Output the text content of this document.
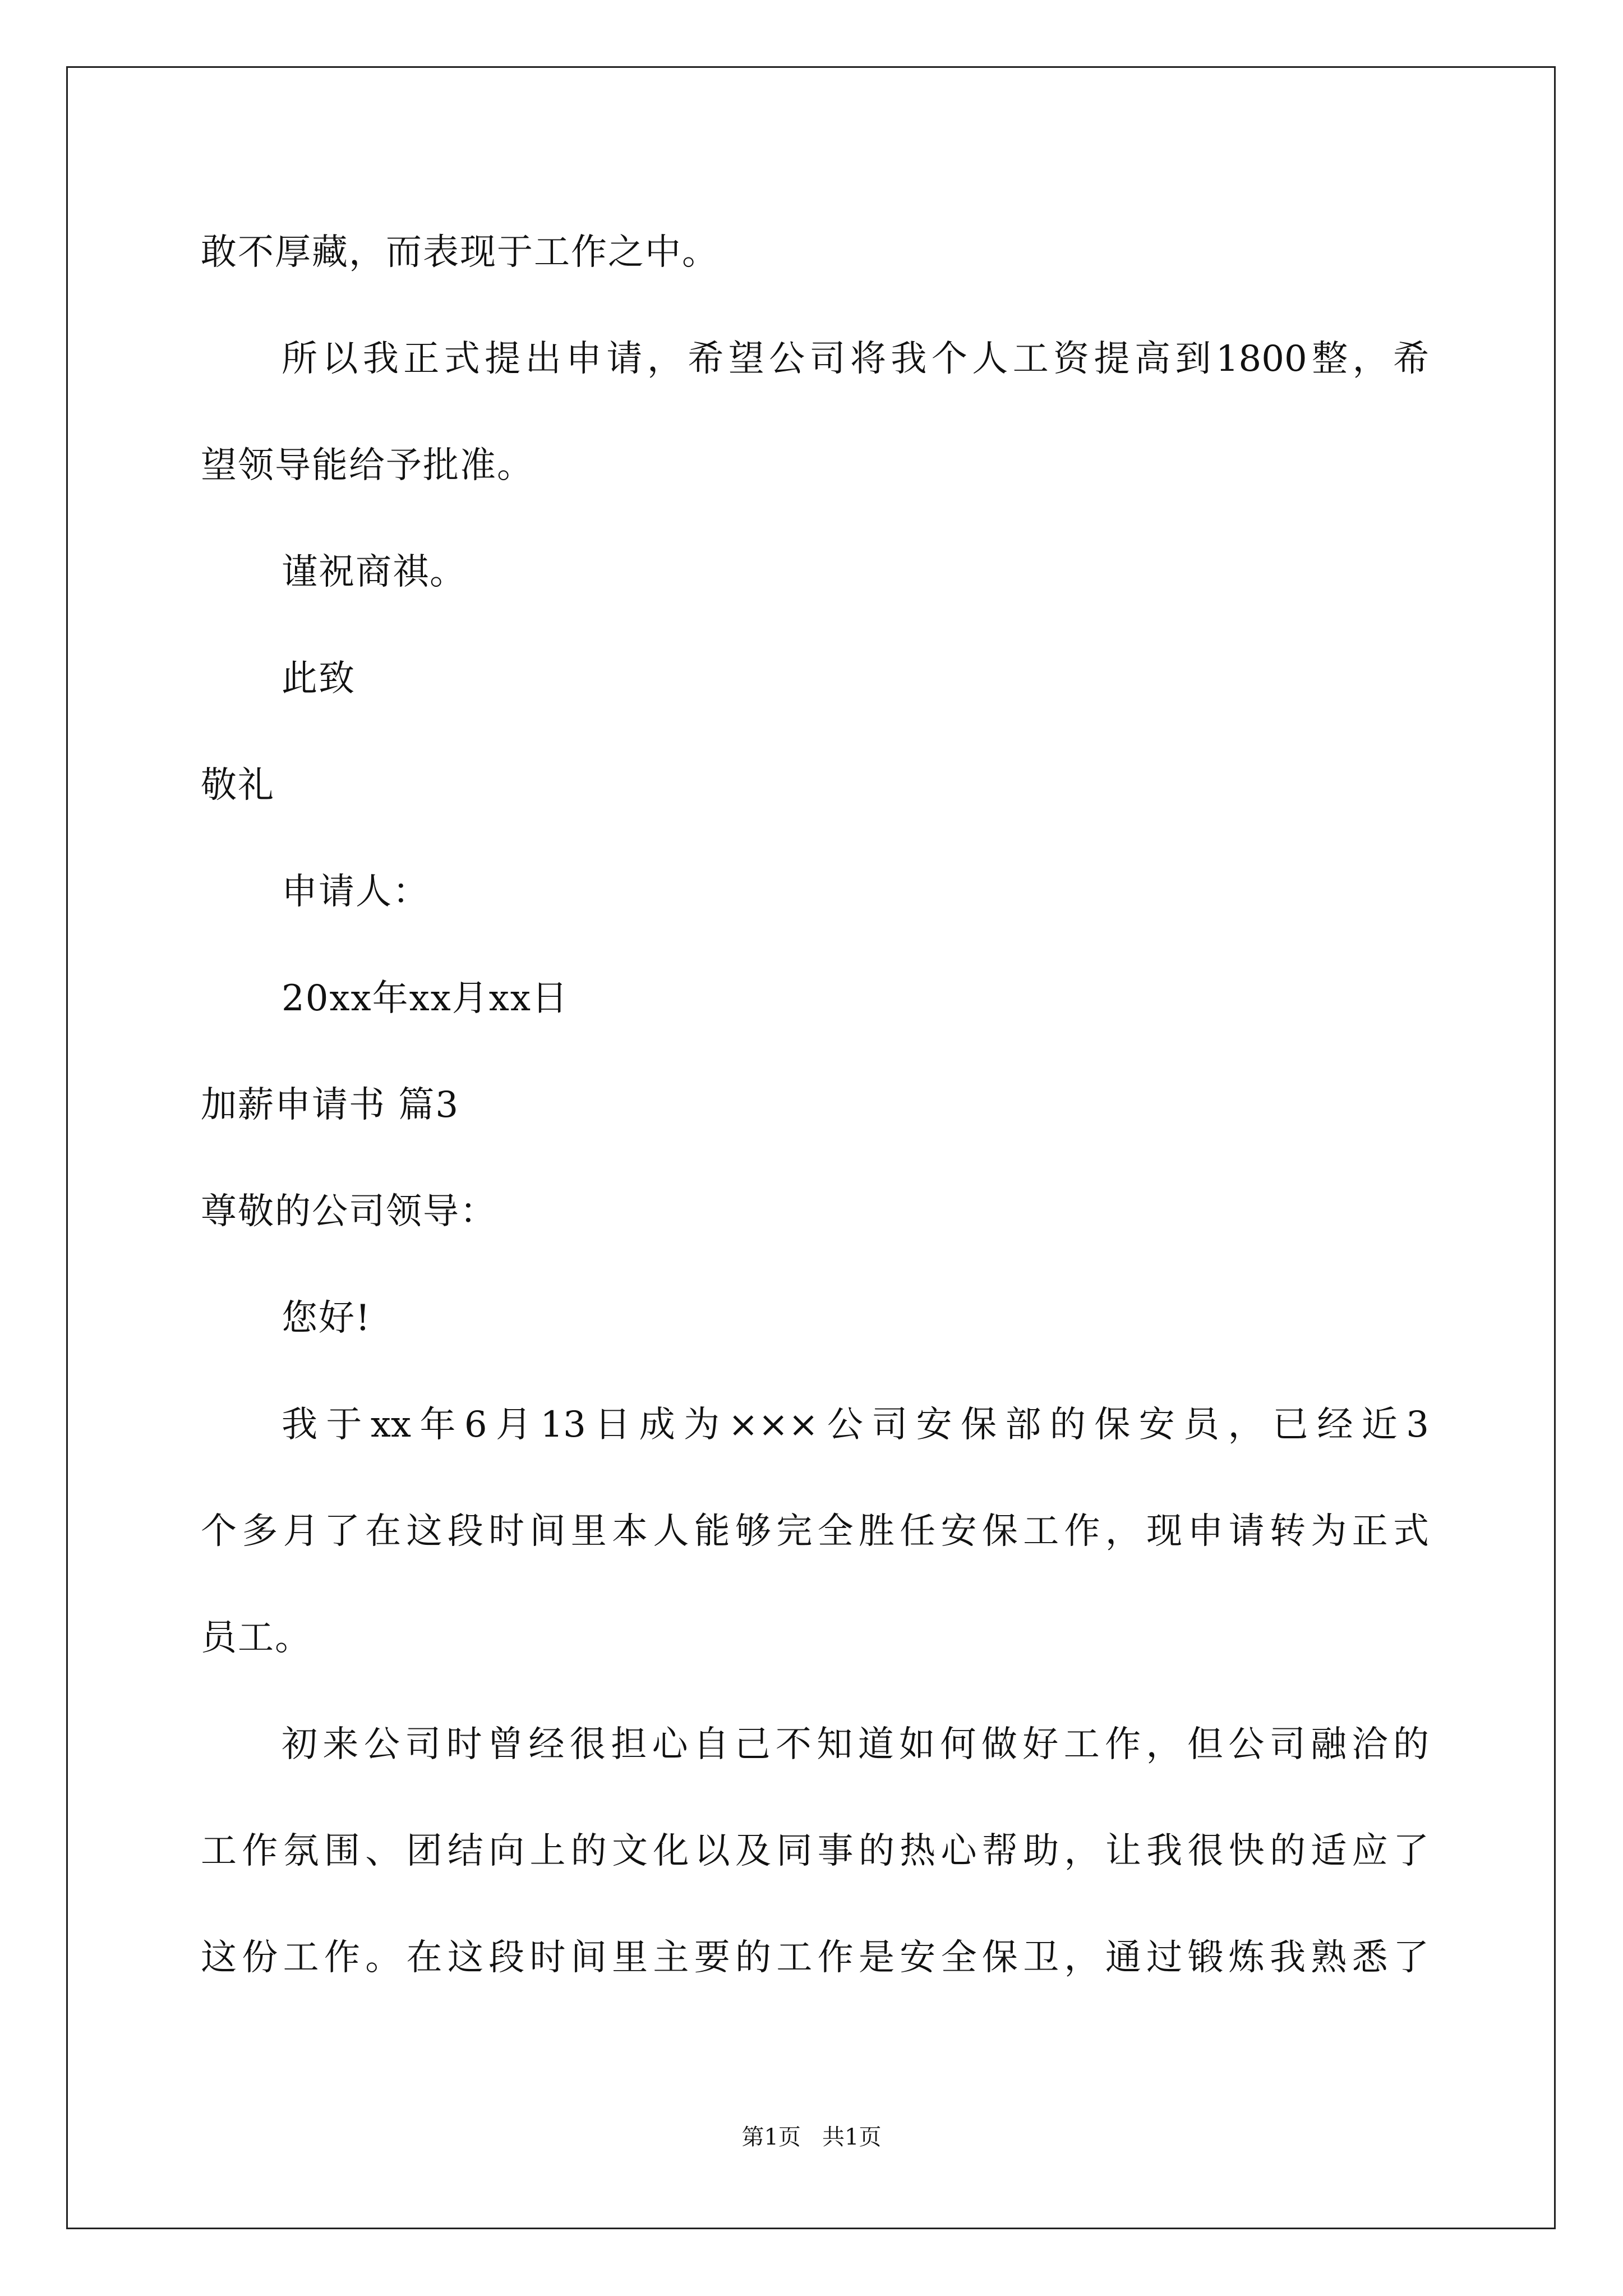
敢不厚藏，而表现于工作之中。
所以我正式提出申请，希望公司将我个人工资提高到1800整，希
望领导能给予批准。
谨祝商祺。
此致
敬礼
申请人：
20xx年xx月xx日
加薪申请书 篇3
尊敬的公司领导：
您好!
我于xx年6月13日成为×××公司安保部的保安员，已经近3
个多月了在这段时间里本人能够完全胜任安保工作，现申请转为正式
员工。
初来公司时曾经很担心自己不知道如何做好工作，但公司融洽的
工作氛围、团结向上的文化以及同事的热心帮助，让我很快的适应了
这份工作。在这段时间里主要的工作是安全保卫，通过锻炼我熟悉了
第1页   共1页
